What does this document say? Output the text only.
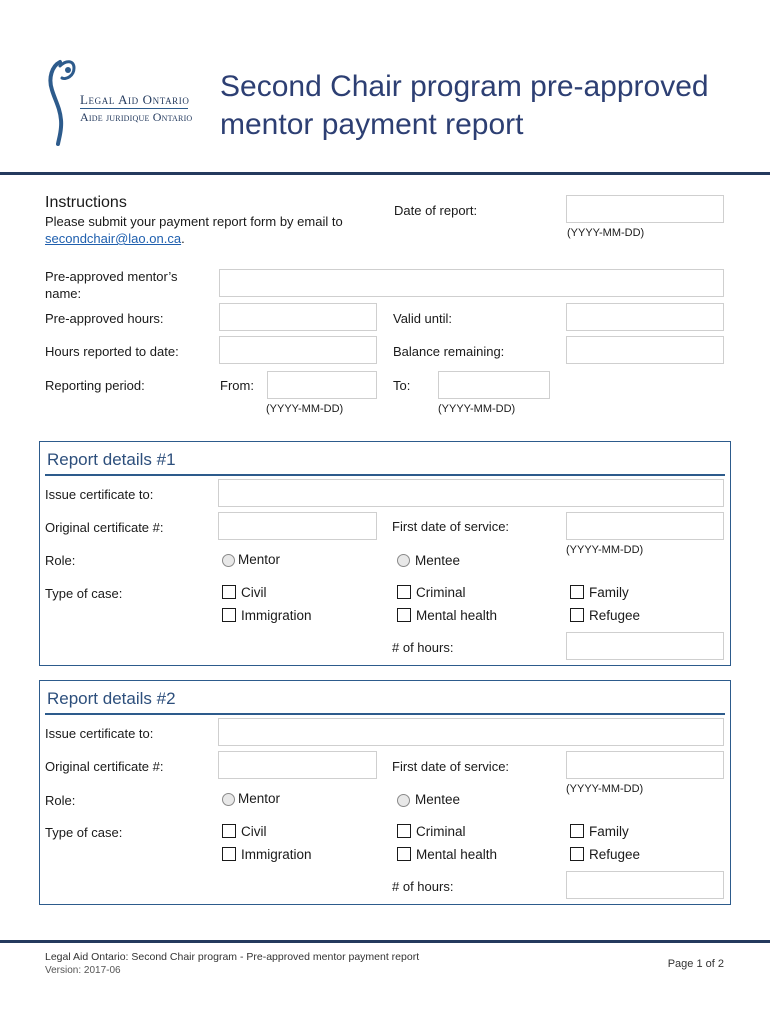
Legal Aid Ontario
Aide juridique Ontario
Second Chair program pre-approved mentor payment report
Instructions
Please submit your payment report form by email to
secondchair@lao.on.ca.
Date of report:
(YYYY-MM-DD)
Pre-approved mentor’s name:
Pre-approved hours:	Valid until:
Hours reported to date:	Balance remaining:
Reporting period:	From:
(YYYY-MM-DD)
To:
(YYYY-MM-DD)
Report details #1
Issue certificate to:
Original certificate #:	First date of service:
(YYYY-MM-DD)
Role:	Mentor	Mentee
Type of case:	Civil	Criminal	Family
Immigration	Mental health	Refugee
# of hours:
Report details #2
Issue certificate to:
Original certificate #:	First date of service:
(YYYY-MM-DD)
Role:	Mentor	Mentee
Type of case:	Civil	Criminal	Family
Immigration	Mental health	Refugee
# of hours:
Legal Aid Ontario: Second Chair program - Pre-approved mentor payment report
Version: 2017-06
Page 1 of 2
